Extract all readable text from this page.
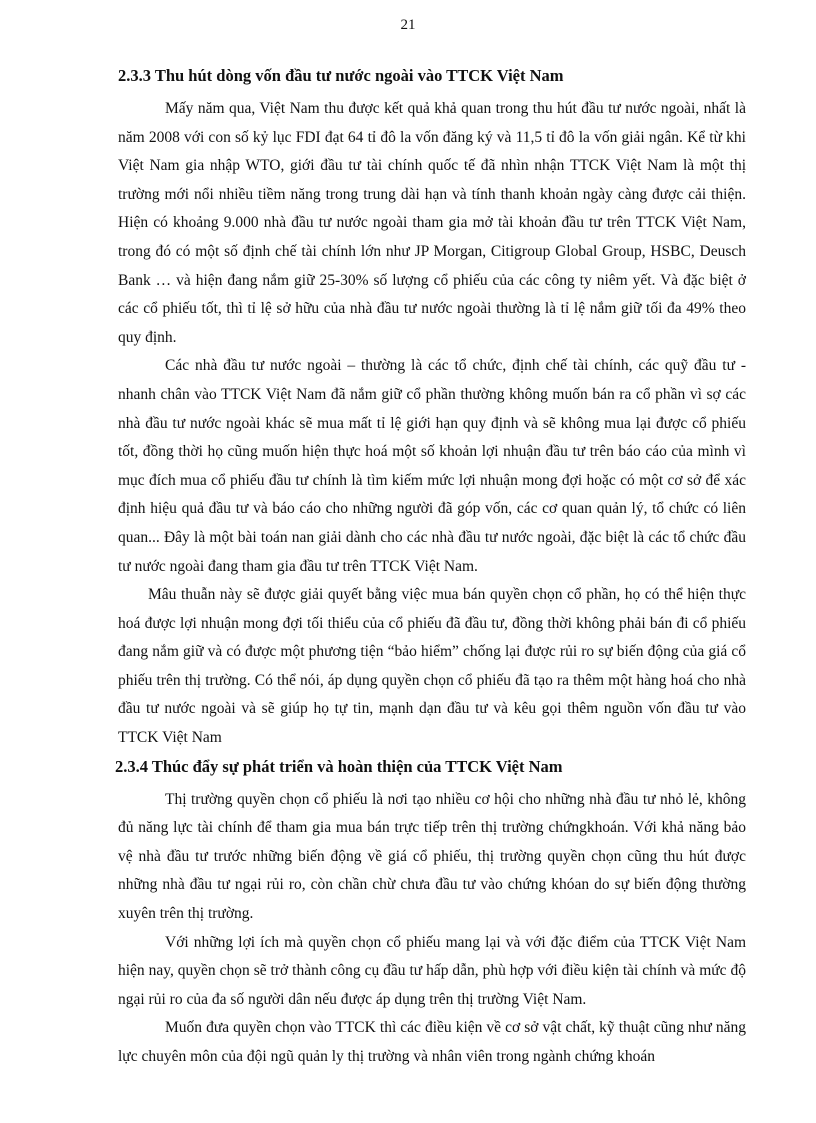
21
2.3.3 Thu hút dòng vốn đầu tư nước ngoài vào TTCK Việt Nam

Mấy năm qua, Việt Nam thu được kết quả khả quan trong thu hút đầu tư nước ngoài, nhất là năm 2008 với con số kỷ lục FDI đạt 64 tỉ đô la vốn đăng ký và 11,5 tỉ đô la vốn giải ngân. Kể từ khi Việt Nam gia nhập WTO, giới đầu tư tài chính quốc tế đã nhìn nhận TTCK Việt Nam là một thị trường mới nổi nhiều tiềm năng trong trung dài hạn và tính thanh khoản ngày càng được cải thiện. Hiện có khoảng 9.000 nhà đầu tư nước ngoài tham gia mở tài khoản đầu tư trên TTCK Việt Nam, trong đó có một số định chế tài chính lớn như JP Morgan, Citigroup Global Group, HSBC, Deusch Bank … và hiện đang nắm giữ 25-30% số lượng cổ phiếu của các công ty niêm yết. Và đặc biệt ở các cổ phiếu tốt, thì tỉ lệ sở hữu của nhà đầu tư nước ngoài thường là tỉ lệ nắm giữ tối đa 49% theo quy định.

Các nhà đầu tư nước ngoài – thường là các tổ chức, định chế tài chính, các quỹ đầu tư - nhanh chân vào TTCK Việt Nam đã nắm giữ cổ phần thường không muốn bán ra cổ phần vì sợ các nhà đầu tư nước ngoài khác sẽ mua mất tỉ lệ giới hạn quy định và sẽ không mua lại được cổ phiếu tốt, đồng thời họ cũng muốn hiện thực hoá một số khoản lợi nhuận đầu tư trên báo cáo của mình vì mục đích mua cổ phiếu đầu tư chính là tìm kiếm mức lợi nhuận mong đợi hoặc có một cơ sở để xác định hiệu quả đầu tư và báo cáo cho những người đã góp vốn, các cơ quan quản lý, tổ chức có liên quan... Đây là một bài toán nan giải dành cho các nhà đầu tư nước ngoài, đặc biệt là các tổ chức đầu tư nước ngoài đang tham gia đầu tư trên TTCK Việt Nam.

Mâu thuẫn này sẽ được giải quyết bằng việc mua bán quyền chọn cổ phần, họ có thể hiện thực hoá được lợi nhuận mong đợi tối thiểu của cổ phiếu đã đầu tư, đồng thời không phải bán đi cổ phiếu đang nắm giữ và có được một phương tiện “bảo hiểm” chống lại được rủi ro sự biến động của giá cổ phiếu trên thị trường. Có thể nói, áp dụng quyền chọn cổ phiếu đã tạo ra thêm một hàng hoá cho nhà đầu tư nước ngoài và sẽ giúp họ tự tin, mạnh dạn đầu tư và kêu gọi thêm nguồn vốn đầu tư vào TTCK Việt Nam

2.3.4 Thúc đẩy sự phát triển và hoàn thiện của TTCK Việt Nam

Thị trường quyền chọn cổ phiếu là nơi tạo nhiều cơ hội cho những nhà đầu tư nhỏ lẻ, không đủ năng lực tài chính để tham gia mua bán trực tiếp trên thị trường chứngkhoán. Với khả năng bảo vệ nhà đầu tư trước những biến động về giá cổ phiếu, thị trường quyền chọn cũng thu hút được những nhà đầu tư ngại rủi ro, còn chần chừ chưa đầu tư vào chứng khóan do sự biến động thường xuyên trên thị trường.

Với những lợi ích mà quyền chọn cổ phiếu mang lại và với đặc điểm của TTCK Việt Nam hiện nay, quyền chọn sẽ trở thành công cụ đầu tư hấp dẫn, phù hợp với điều kiện tài chính và mức độ ngại rủi ro của đa số người dân nếu được áp dụng trên thị trường Việt Nam.

Muốn đưa quyền chọn vào TTCK thì các điều kiện về cơ sở vật chất, kỹ thuật cũng như năng lực chuyên môn của đội ngũ quản ly thị trường và nhân viên trong ngành chứng khoán
